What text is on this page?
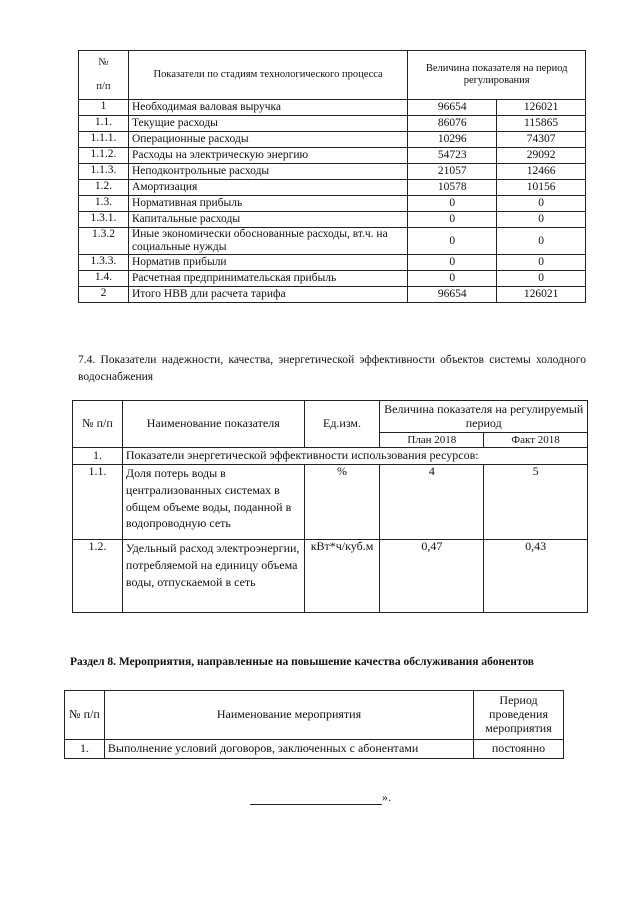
№

п/п	Показатели по стадиям технологического процесса	Величина показателя на период регулирования	
1	Необходимая валовая выручка	96654	126021
1.1.	Текущие расходы	86076	115865
1.1.1.	Операционные расходы	10296	74307
1.1.2.	Расходы на электрическую энергию	54723	29092
1.1.3.	Неподконтрольные расходы	21057	12466
1.2.	Амортизация	10578	10156
1.3.	Нормативная прибыль	0	0
1.3.1.	Капитальные расходы	0	0
1.3.2	Иные экономически обоснованные расходы, вт.ч. на социальные нужды	0	0
1.3.3.	Норматив прибыли	0	0
1.4.	Расчетная предпринимательская прибыль	0	0
2	Итого НВВ дли расчета тарифа	96654	126021
7.4. Показатели надежности, качества, энергетической эффективности объектов системы холодного водоснабжения
№ п/п	Наименование показателя	Ед.изм.	Величина показателя на регулируемый период	
			План 2018	Факт 2018
1.	Показатели энергетической эффективности использования ресурсов:			
1.1.	Доля потерь воды в централизованных системах в общем объеме воды, поданной в водопроводную сеть	%	4	5
1.2.	Удельный расход электроэнергии, потребляемой на единицу объема воды, отпускаемой в сеть	кВт*ч/куб.м	0,47	0,43
Раздел 8. Мероприятия, направленные на повышение качества обслуживания абонентов
№ п/п	Наименование мероприятия	Период проведения мероприятия
1.	Выполнение условий договоров, заключенных с абонентами	постоянно
».
